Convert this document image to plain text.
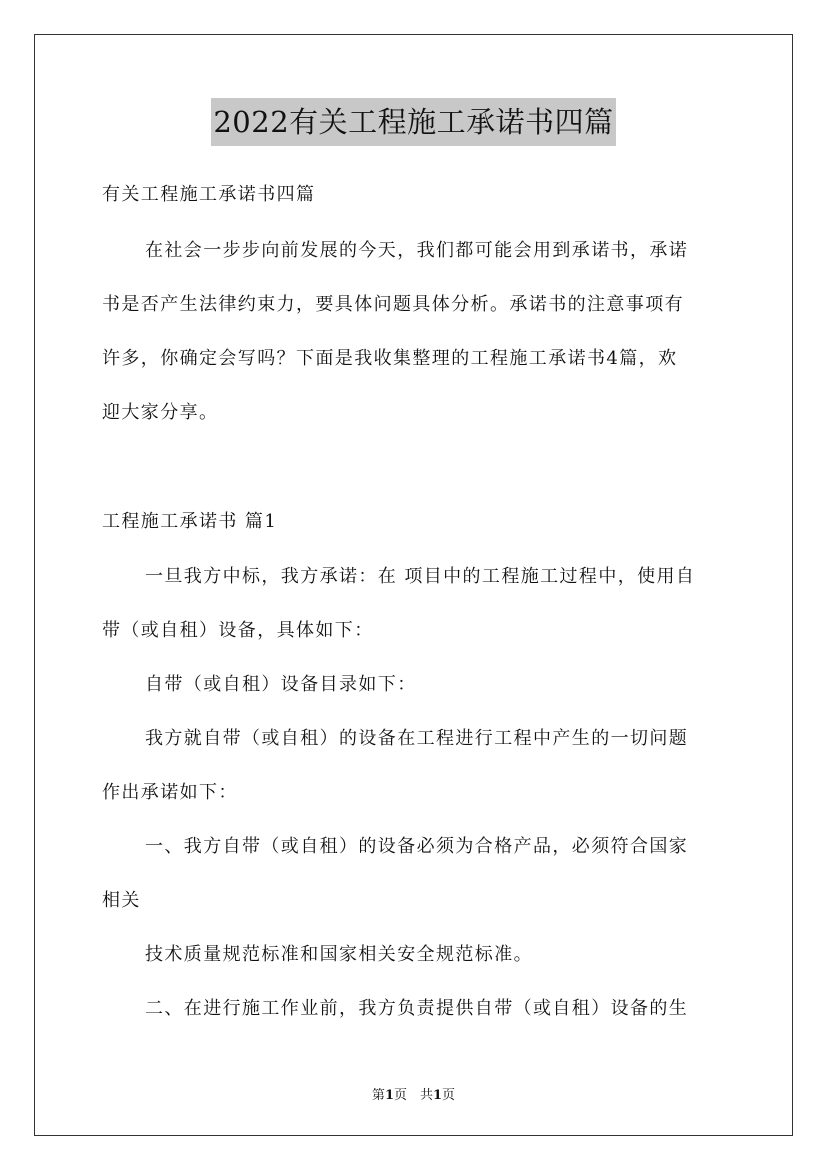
2022有关工程施工承诺书四篇
有关工程施工承诺书四篇
在社会一步步向前发展的今天，我们都可能会用到承诺书，承诺
书是否产生法律约束力，要具体问题具体分析。承诺书的注意事项有
许多，你确定会写吗？下面是我收集整理的工程施工承诺书4篇，欢
迎大家分享。
工程施工承诺书 篇1
一旦我方中标，我方承诺：在 项目中的工程施工过程中，使用自
带（或自租）设备，具体如下：
自带（或自租）设备目录如下：
我方就自带（或自租）的设备在工程进行工程中产生的一切问题
作出承诺如下：
一、我方自带（或自租）的设备必须为合格产品，必须符合国家
相关
技术质量规范标准和国家相关安全规范标准。
二、在进行施工作业前，我方负责提供自带（或自租）设备的生
第1页　共1页
